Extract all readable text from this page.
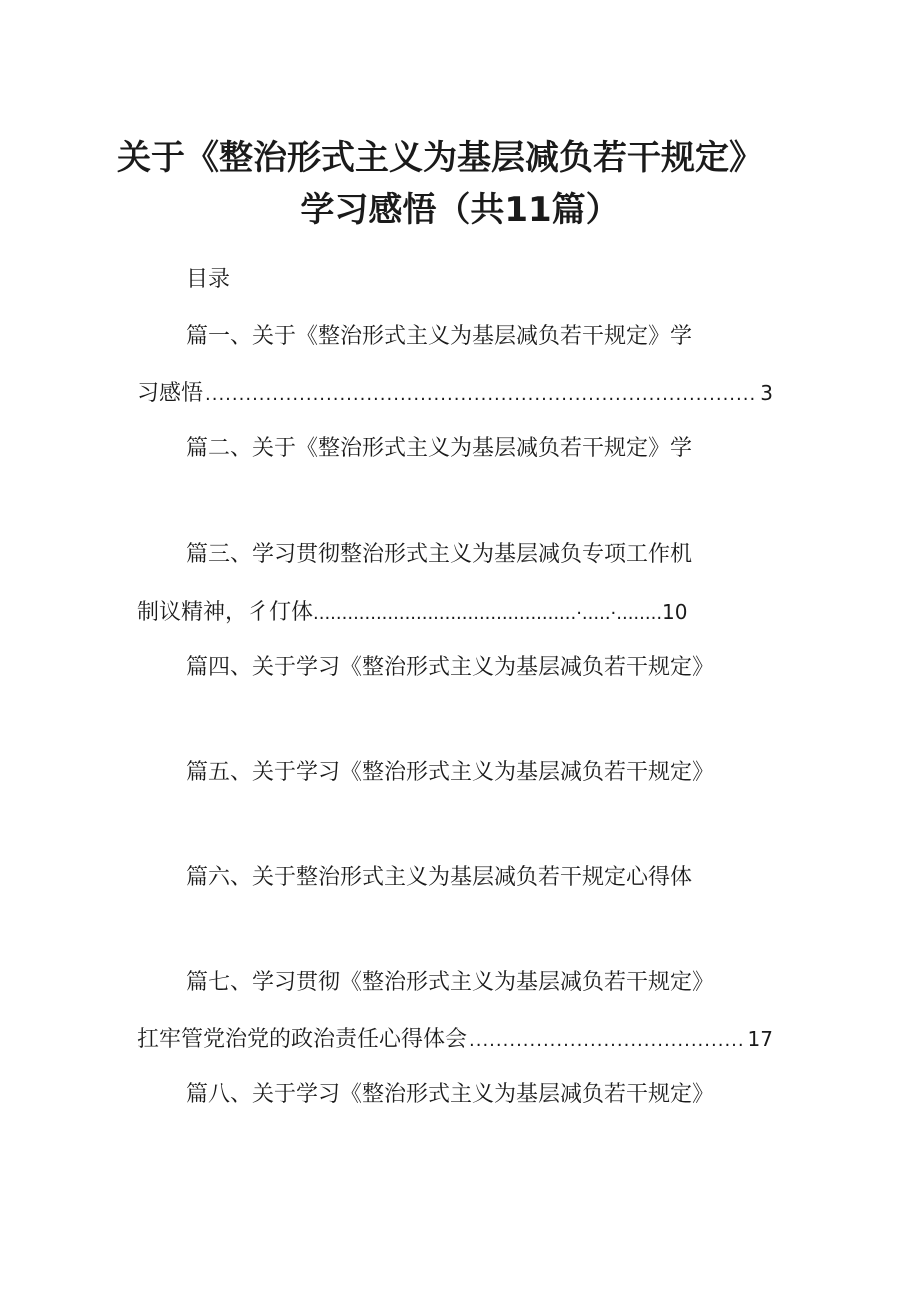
关于《整治形式主义为基层减负若干规定》
学习感悟（共11篇）
目录
篇一、关于《整治形式主义为基层减负若干规定》学
习感悟 .....	3
篇二、关于《整治形式主义为基层减负若干规定》学
篇三、学习贯彻整治形式主义为基层减负专项工作机
制议精神，彳仃体..............................................·.....·........10
篇四、关于学习《整治形式主义为基层减负若干规定》
篇五、关于学习《整治形式主义为基层减负若干规定》
篇六、关于整治形式主义为基层减负若干规定心得体
篇七、学习贯彻《整治形式主义为基层减负若干规定》
扛牢管党治党的政治责任心得体会 .....	17
篇八、关于学习《整治形式主义为基层减负若干规定》
